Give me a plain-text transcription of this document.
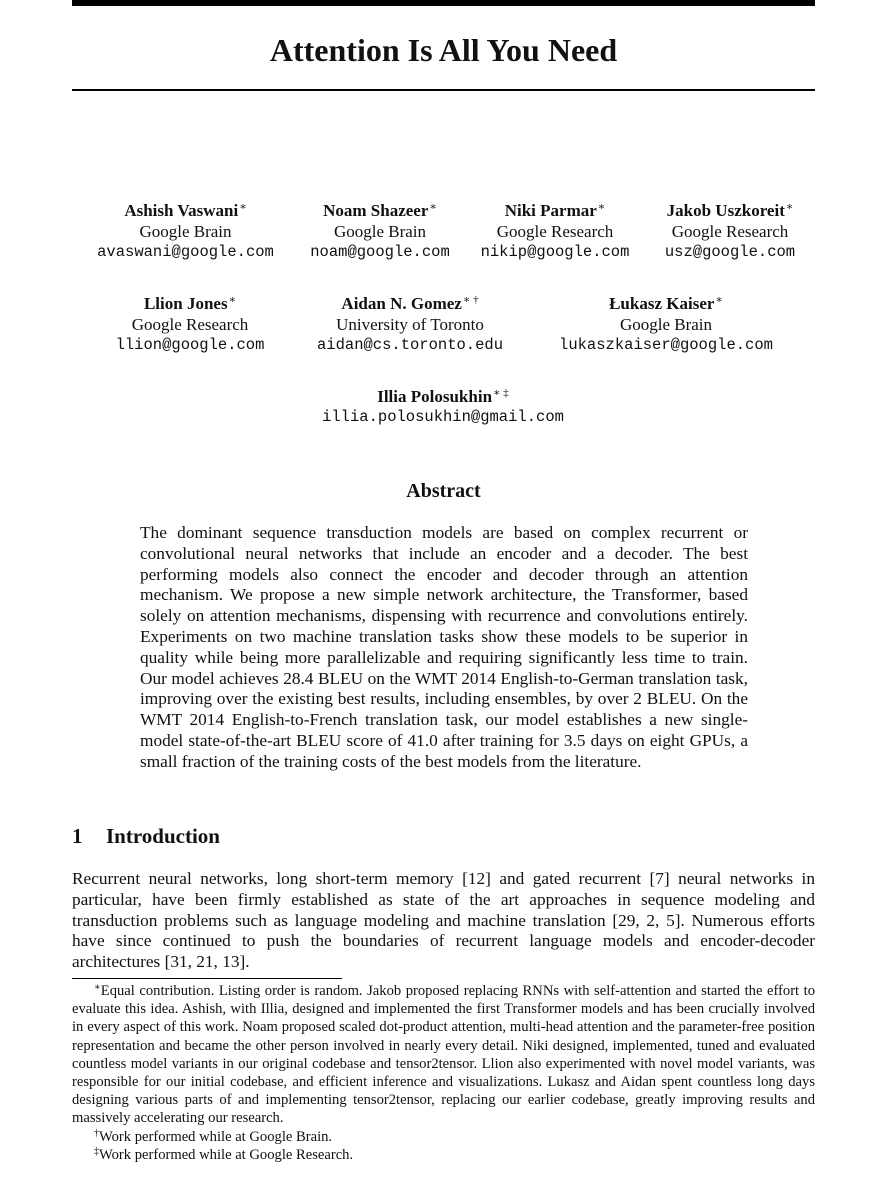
Attention Is All You Need
Ashish Vaswani∗
Google Brain
avaswani@google.com
Noam Shazeer∗
Google Brain
noam@google.com
Niki Parmar∗
Google Research
nikip@google.com
Jakob Uszkoreit∗
Google Research
usz@google.com
Llion Jones∗
Google Research
llion@google.com
Aidan N. Gomez∗ †
University of Toronto
aidan@cs.toronto.edu
Łukasz Kaiser∗
Google Brain
lukaszkaiser@google.com
Illia Polosukhin∗ ‡
illia.polosukhin@gmail.com
Abstract
The dominant sequence transduction models are based on complex recurrent or convolutional neural networks that include an encoder and a decoder. The best performing models also connect the encoder and decoder through an attention mechanism. We propose a new simple network architecture, the Transformer, based solely on attention mechanisms, dispensing with recurrence and convolutions entirely. Experiments on two machine translation tasks show these models to be superior in quality while being more parallelizable and requiring significantly less time to train. Our model achieves 28.4 BLEU on the WMT 2014 English-to-German translation task, improving over the existing best results, including ensembles, by over 2 BLEU. On the WMT 2014 English-to-French translation task, our model establishes a new single-model state-of-the-art BLEU score of 41.0 after training for 3.5 days on eight GPUs, a small fraction of the training costs of the best models from the literature.
1 Introduction
Recurrent neural networks, long short-term memory [12] and gated recurrent [7] neural networks in particular, have been firmly established as state of the art approaches in sequence modeling and transduction problems such as language modeling and machine translation [29, 2, 5]. Numerous efforts have since continued to push the boundaries of recurrent language models and encoder-decoder architectures [31, 21, 13].

∗Equal contribution. Listing order is random. Jakob proposed replacing RNNs with self-attention and started the effort to evaluate this idea. Ashish, with Illia, designed and implemented the first Transformer models and has been crucially involved in every aspect of this work. Noam proposed scaled dot-product attention, multi-head attention and the parameter-free position representation and became the other person involved in nearly every detail. Niki designed, implemented, tuned and evaluated countless model variants in our original codebase and tensor2tensor. Llion also experimented with novel model variants, was responsible for our initial codebase, and efficient inference and visualizations. Lukasz and Aidan spent countless long days designing various parts of and implementing tensor2tensor, replacing our earlier codebase, greatly improving results and massively accelerating our research.

†Work performed while at Google Brain.

‡Work performed while at Google Research.
